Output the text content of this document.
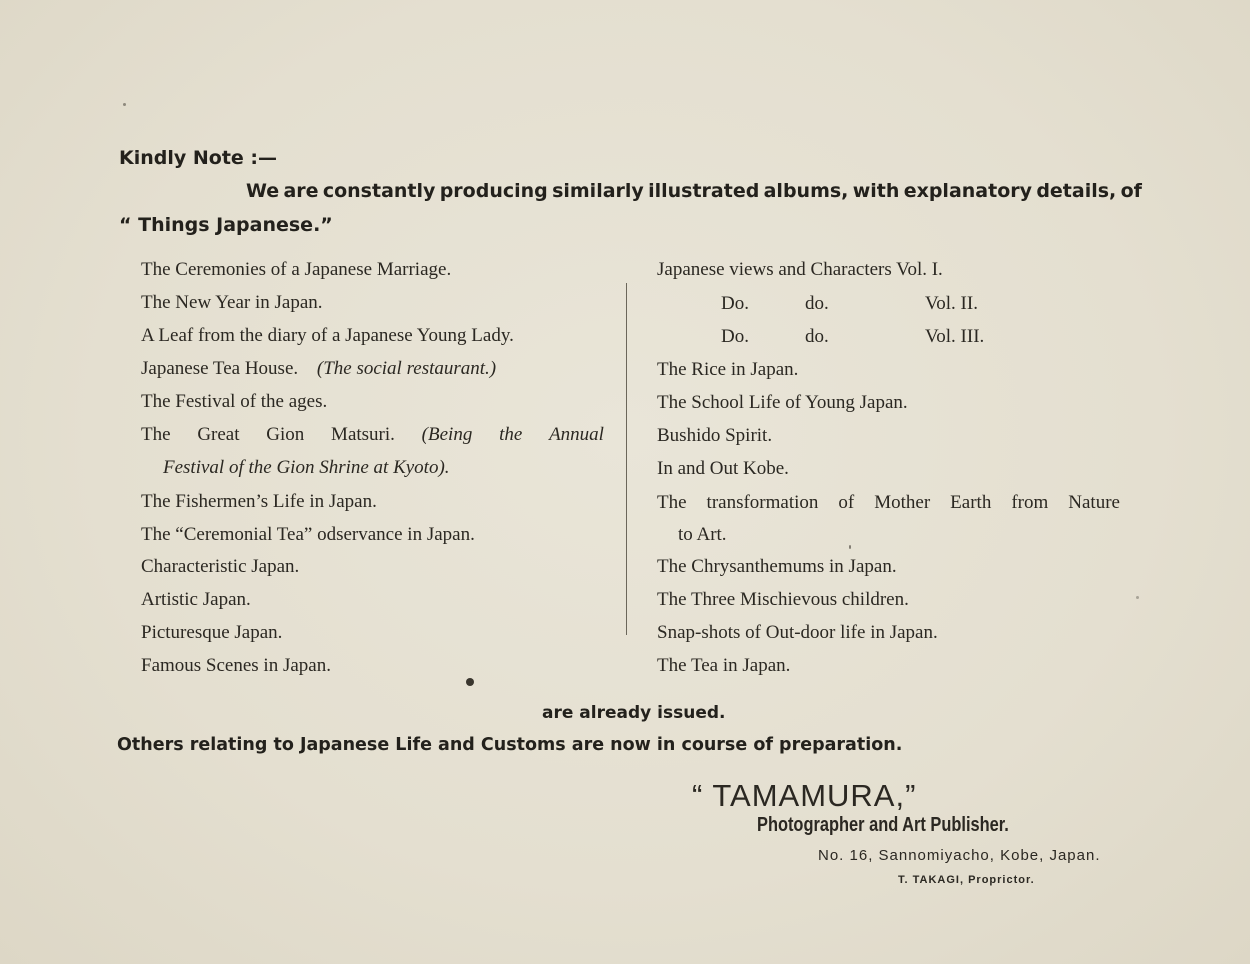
Kindly Note :—
We are constantly producing similarly illustrated albums, with explanatory details, of
“ Things Japanese.”
The Ceremonies of a Japanese Marriage.
The New Year in Japan.
A Leaf from the diary of a Japanese Young Lady.
Japanese Tea House. (The social restaurant.)
The Festival of the ages.
The Great Gion Matsuri. (Being the Annual
Festival of the Gion Shrine at Kyoto).
The Fishermen’s Life in Japan.
The “Ceremonial Tea” odservance in Japan.
Characteristic Japan.
Artistic Japan.
Picturesque Japan.
Famous Scenes in Japan.
Japanese views and Characters Vol. I.
Do.	do.	Vol. II.
Do.	do.	Vol. III.
The Rice in Japan.
The School Life of Young Japan.
Bushido Spirit.
In and Out Kobe.
The transformation of Mother Earth from Nature
to Art.
The Chrysanthemums in Japan.
The Three Mischievous children.
Snap-shots of Out-door life in Japan.
The Tea in Japan.
are already issued.
Others relating to Japanese Life and Customs are now in course of preparation.
“ TAMAMURA,”
Photographer and Art Publisher.
No. 16, Sannomiyacho, Kobe, Japan.
T. TAKAGI, Proprictor.
